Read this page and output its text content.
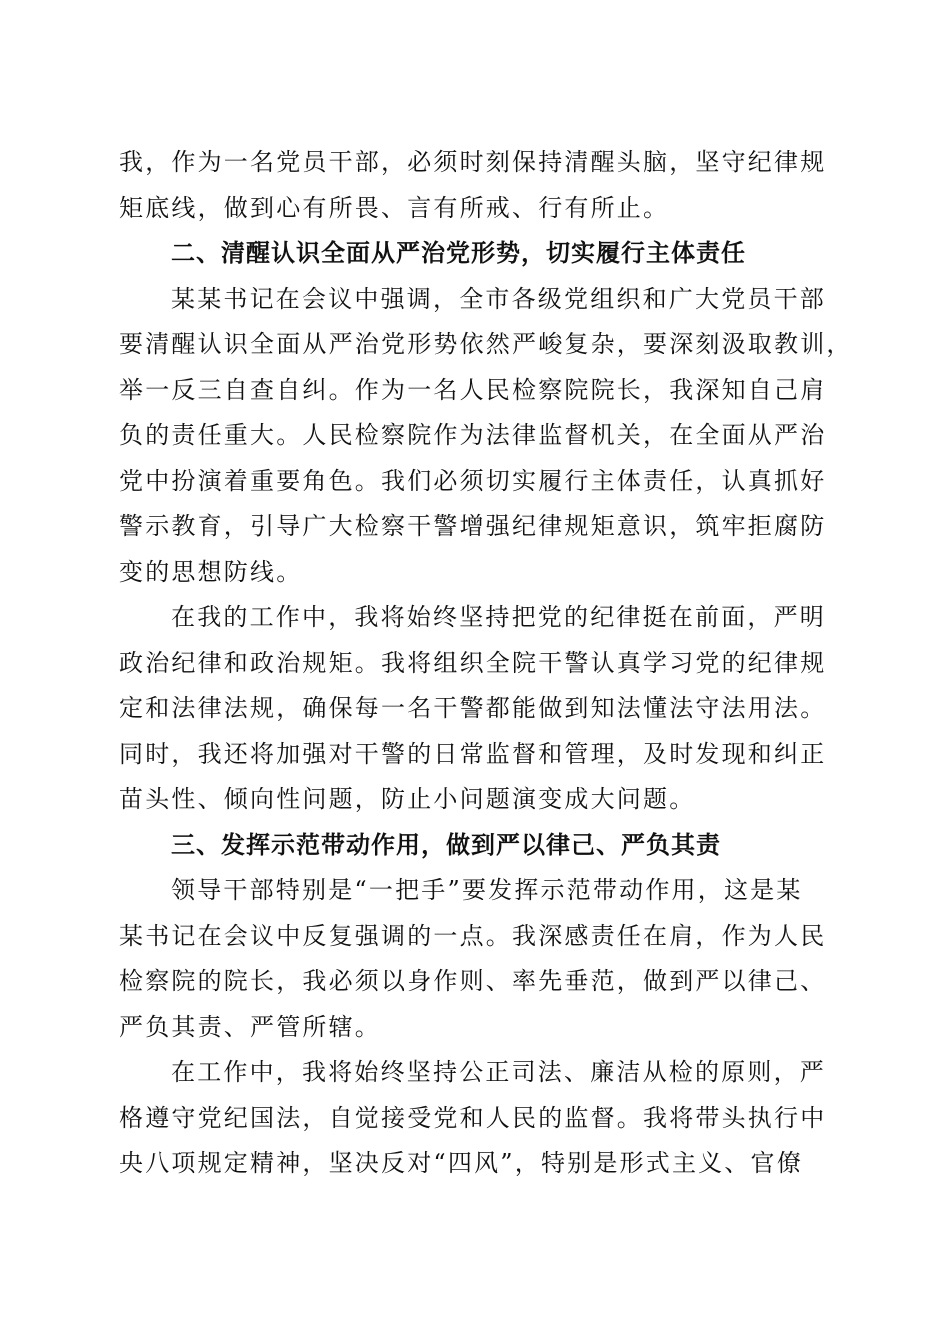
我，作为一名党员干部，必须时刻保持清醒头脑，坚守纪律规
矩底线，做到心有所畏、言有所戒、行有所止。
二、清醒认识全面从严治党形势，切实履行主体责任
某某书记在会议中强调，全市各级党组织和广大党员干部
要清醒认识全面从严治党形势依然严峻复杂，要深刻汲取教训，
举一反三自查自纠。作为一名人民检察院院长，我深知自己肩
负的责任重大。人民检察院作为法律监督机关，在全面从严治
党中扮演着重要角色。我们必须切实履行主体责任，认真抓好
警示教育，引导广大检察干警增强纪律规矩意识，筑牢拒腐防
变的思想防线。
在我的工作中，我将始终坚持把党的纪律挺在前面，严明
政治纪律和政治规矩。我将组织全院干警认真学习党的纪律规
定和法律法规，确保每一名干警都能做到知法懂法守法用法。
同时，我还将加强对干警的日常监督和管理，及时发现和纠正
苗头性、倾向性问题，防止小问题演变成大问题。
三、发挥示范带动作用，做到严以律己、严负其责
领导干部特别是“一把手”要发挥示范带动作用，这是某
某书记在会议中反复强调的一点。我深感责任在肩，作为人民
检察院的院长，我必须以身作则、率先垂范，做到严以律己、
严负其责、严管所辖。
在工作中，我将始终坚持公正司法、廉洁从检的原则，严
格遵守党纪国法，自觉接受党和人民的监督。我将带头执行中
央八项规定精神，坚决反对“四风”，特别是形式主义、官僚
